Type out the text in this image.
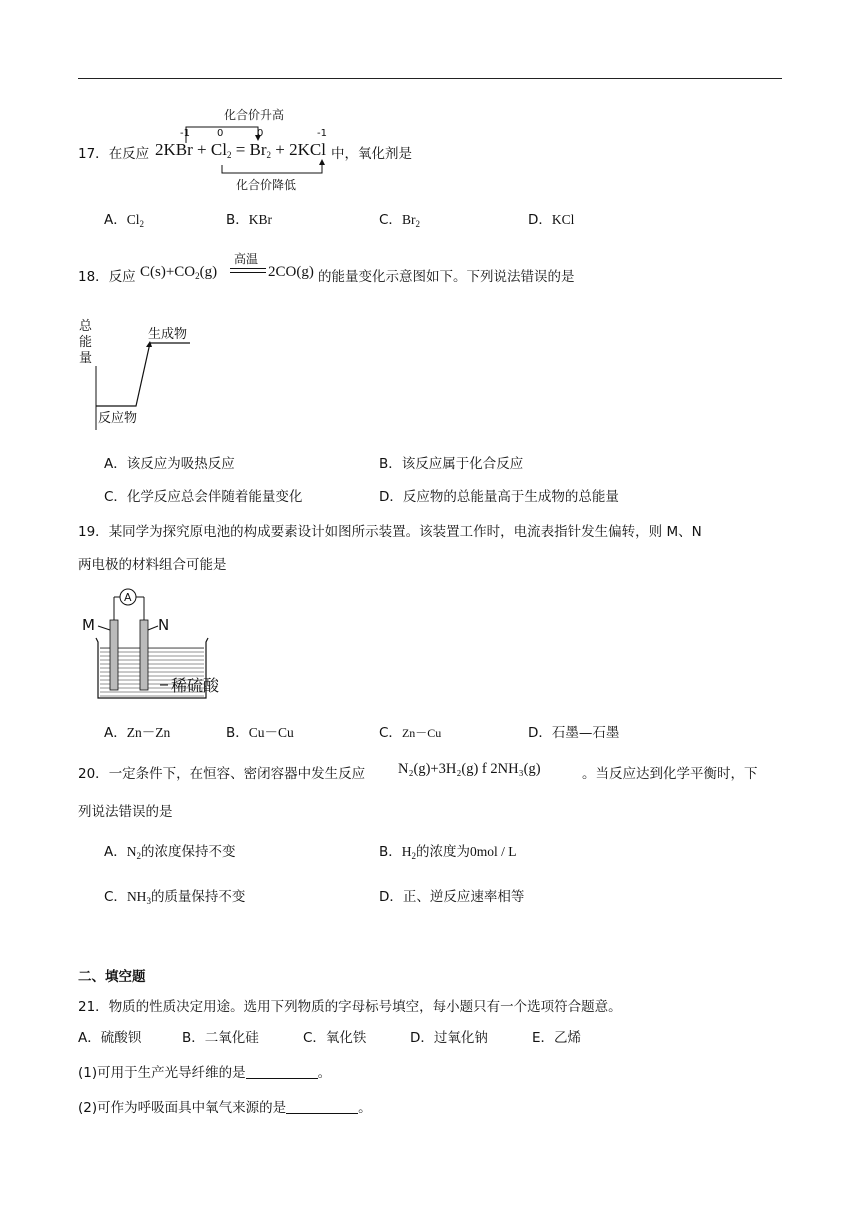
化合价升高
-1	0	0	-1
化合价降低
17．在反应 $2KBr + Cl_2 = Br_2 + 2KCl$ 中，氧化剂是
A．$Cl_2$	B．KBr	C．$Br_2$	D．KCl
18．反应 $C(s)+CO_2(g)$
高温
2CO(g) 的能量变化示意图如下。下列说法错误的是
总
能
量
生成物
反应物
A．该反应为吸热反应	B．该反应属于化合反应
C．化学反应总会伴随着能量变化	D．反应物的总能量高于生成物的总能量
19．某同学为探究原电池的构成要素设计如图所示装置。该装置工作时，电流表指针发生偏转，则 M、N
两电极的材料组合可能是
A
M	N
稀硫酸
A．Zn－Zn	B．Cu－Cu	C．Zn－Cu	D．石墨—石墨
20．一定条件下，在恒容、密闭容器中发生反应 N₂(g)+3H₂(g) f 2NH₃(g)	。当反应达到化学平衡时，下
列说法错误的是
A．$N_2$的浓度保持不变	B．$H_2$的浓度为0mol / L
C．$NH_3$的质量保持不变	D．正、逆反应速率相等
二、填空题
21．物质的性质决定用途。选用下列物质的字母标号填空，每小题只有一个选项符合题意。
A．硫酸钡	B．二氧化硅	C．氧化铁	D．过氧化钠	E．乙烯
(1)可用于生产光导纤维的是	。
(2)可作为呼吸面具中氧气来源的是	。
